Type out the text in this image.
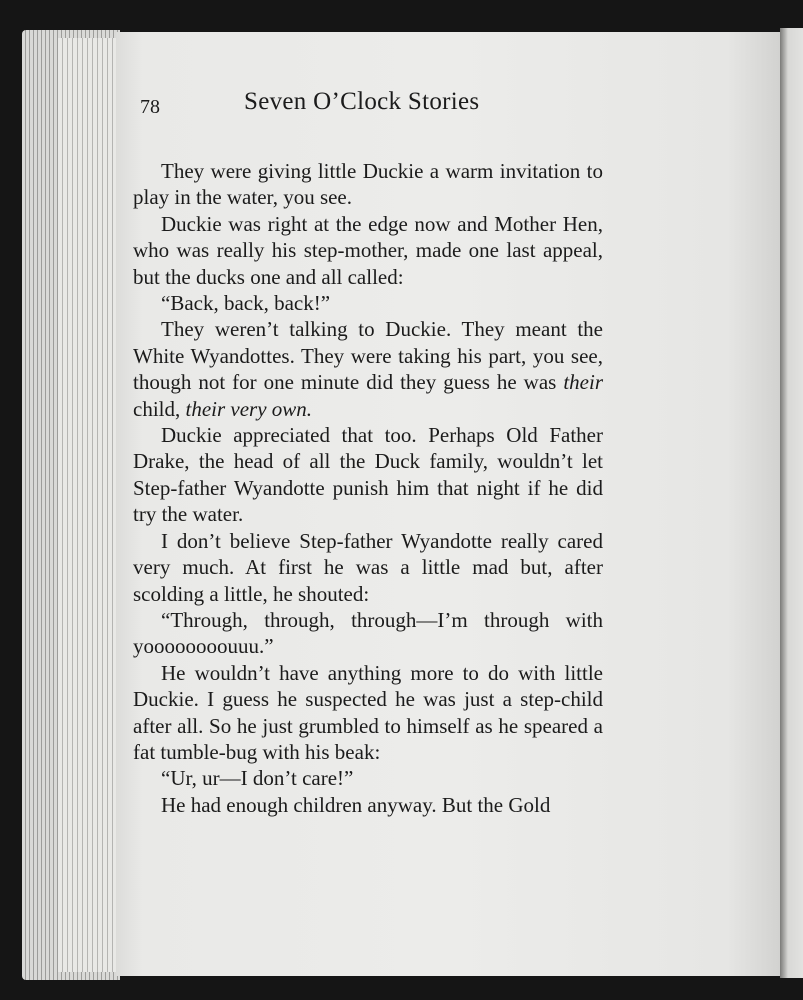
78	Seven O’Clock Stories

They were giving little Duckie a warm invitation to play in the water, you see.

Duckie was right at the edge now and Mother Hen, who was really his step-mother, made one last appeal, but the ducks one and all called:

“Back, back, back!”

They weren’t talking to Duckie. They meant the White Wyandottes. They were taking his part, you see, though not for one minute did they guess he was their child, their very own.

Duckie appreciated that too. Perhaps Old Father Drake, the head of all the Duck family, wouldn’t let Step-father Wyandotte punish him that night if he did try the water.

I don’t believe Step-father Wyandotte really cared very much. At first he was a little mad but, after scolding a little, he shouted:

“Through, through, through—I’m through with yoooooooouuu.”

He wouldn’t have anything more to do with little Duckie. I guess he suspected he was just a step-child after all. So he just grumbled to himself as he speared a fat tumble-bug with his beak:

“Ur, ur—I don’t care!”

He had enough children anyway. But the Gold
